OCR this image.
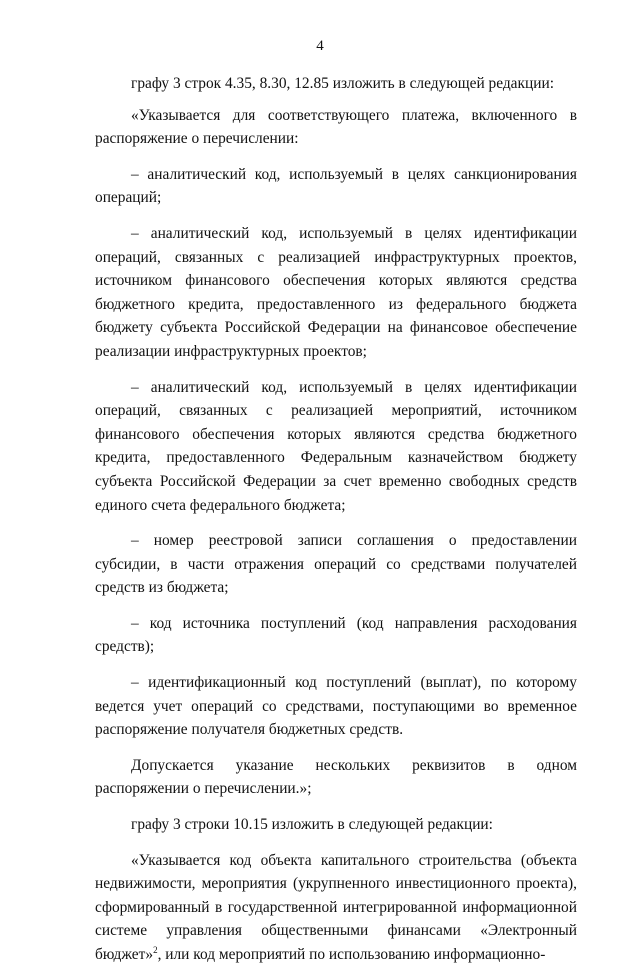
4

графу 3 строк 4.35, 8.30, 12.85 изложить в следующей редакции:

«Указывается для соответствующего платежа, включенного в распоряжение о перечислении:

– аналитический код, используемый в целях санкционирования операций;

– аналитический код, используемый в целях идентификации операций, связанных с реализацией инфраструктурных проектов, источником финансового обеспечения которых являются средства бюджетного кредита, предоставленного из федерального бюджета бюджету субъекта Российской Федерации на финансовое обеспечение реализации инфраструктурных проектов;

– аналитический код, используемый в целях идентификации операций, связанных с реализацией мероприятий, источником финансового обеспечения которых являются средства бюджетного кредита, предоставленного Федеральным казначейством бюджету субъекта Российской Федерации за счет временно свободных средств единого счета федерального бюджета;

– номер реестровой записи соглашения о предоставлении субсидии, в части отражения операций со средствами получателей средств из бюджета;

– код источника поступлений (код направления расходования средств);

– идентификационный код поступлений (выплат), по которому ведется учет операций со средствами, поступающими во временное распоряжение получателя бюджетных средств.

Допускается указание нескольких реквизитов в одном распоряжении о перечислении.»;

графу 3 строки 10.15 изложить в следующей редакции:

«Указывается код объекта капитального строительства (объекта недвижимости, мероприятия (укрупненного инвестиционного проекта), сформированный в государственной интегрированной информационной системе управления общественными финансами «Электронный бюджет»$^2$, или код мероприятий по использованию информационно-
